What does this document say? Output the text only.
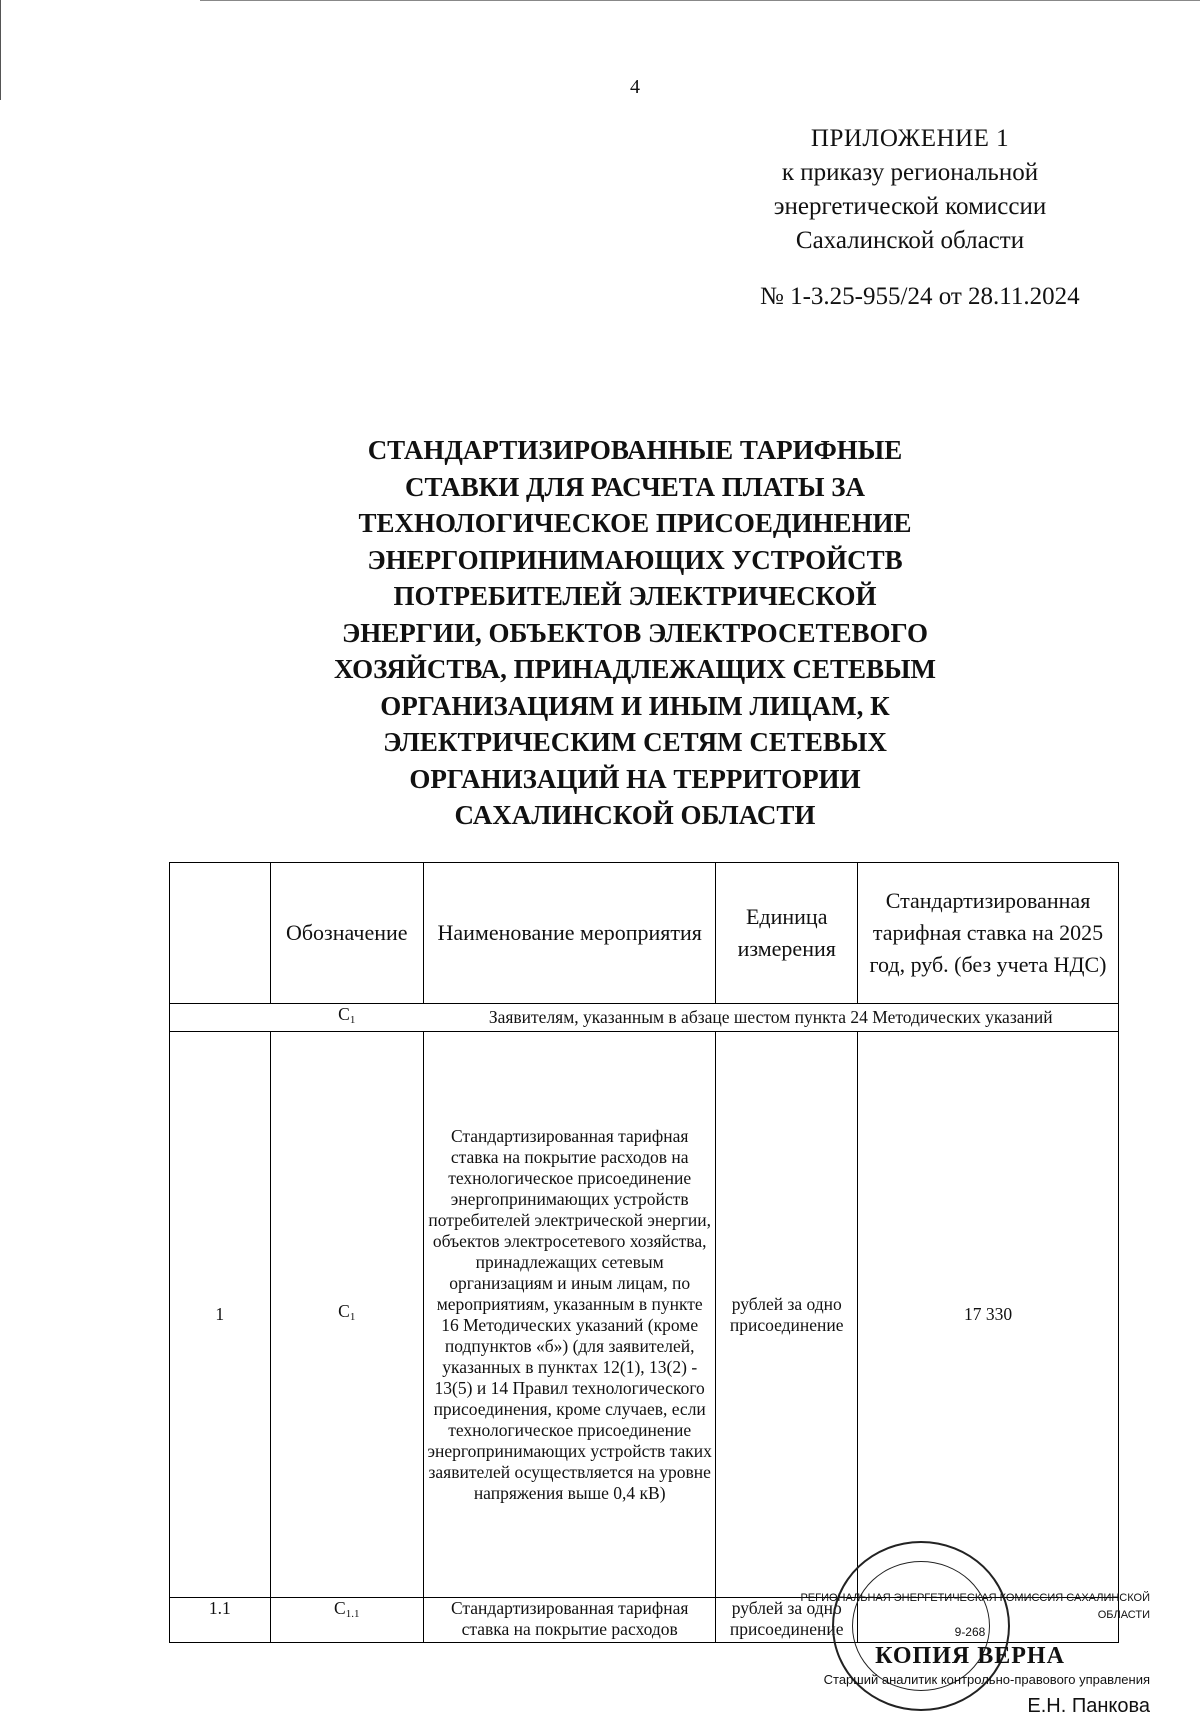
4
ПРИЛОЖЕНИЕ 1
к приказу региональной
энергетической комиссии
Сахалинской области
№ 1-3.25-955/24 от 28.11.2024
СТАНДАРТИЗИРОВАННЫЕ ТАРИФНЫЕ СТАВКИ ДЛЯ РАСЧЕТА ПЛАТЫ ЗА ТЕХНОЛОГИЧЕСКОЕ ПРИСОЕДИНЕНИЕ ЭНЕРГОПРИНИМАЮЩИХ УСТРОЙСТВ ПОТРЕБИТЕЛЕЙ ЭЛЕКТРИЧЕСКОЙ ЭНЕРГИИ, ОБЪЕКТОВ ЭЛЕКТРОСЕТЕВОГО ХОЗЯЙСТВА, ПРИНАДЛЕЖАЩИХ СЕТЕВЫМ ОРГАНИЗАЦИЯМ И ИНЫМ ЛИЦАМ, К ЭЛЕКТРИЧЕСКИМ СЕТЯМ СЕТЕВЫХ ОРГАНИЗАЦИЙ НА ТЕРРИТОРИИ САХАЛИНСКОЙ ОБЛАСТИ
	Обозначение	Наименование мероприятия	Единица измерения	Стандартизированная тарифная ставка на 2025 год, руб. (без учета НДС)
	$C_1$	Заявителям, указанным в абзаце шестом пункта 24 Методических указаний		
1	$C_1$	Стандартизированная тарифная ставка на покрытие расходов на технологическое присоединение энергопринимающих устройств потребителей электрической энергии, объектов электросетевого хозяйства, принадлежащих сетевым организациям и иным лицам, по мероприятиям, указанным в пункте 16 Методических указаний (кроме подпунктов «б») (для заявителей, указанных в пунктах 12(1), 13(2) - 13(5) и 14 Правил технологического присоединения, кроме случаев, если технологическое присоединение энергопринимающих устройств таких заявителей осуществляется на уровне напряжения выше 0,4 кВ)	рублей за одно присоединение	17 330
1.1	$C_{1.1}$	Стандартизированная тарифная ставка на покрытие расходов	рублей за одно присоединение	
РЕГИОНАЛЬНАЯ ЭНЕРГЕТИЧЕСКАЯ КОМИССИЯ САХАЛИНСКОЙ ОБЛАСТИ
9-268
КОПИЯ ВЕРНА
Старший аналитик контрольно-правового управления
Е.Н. Панкова
